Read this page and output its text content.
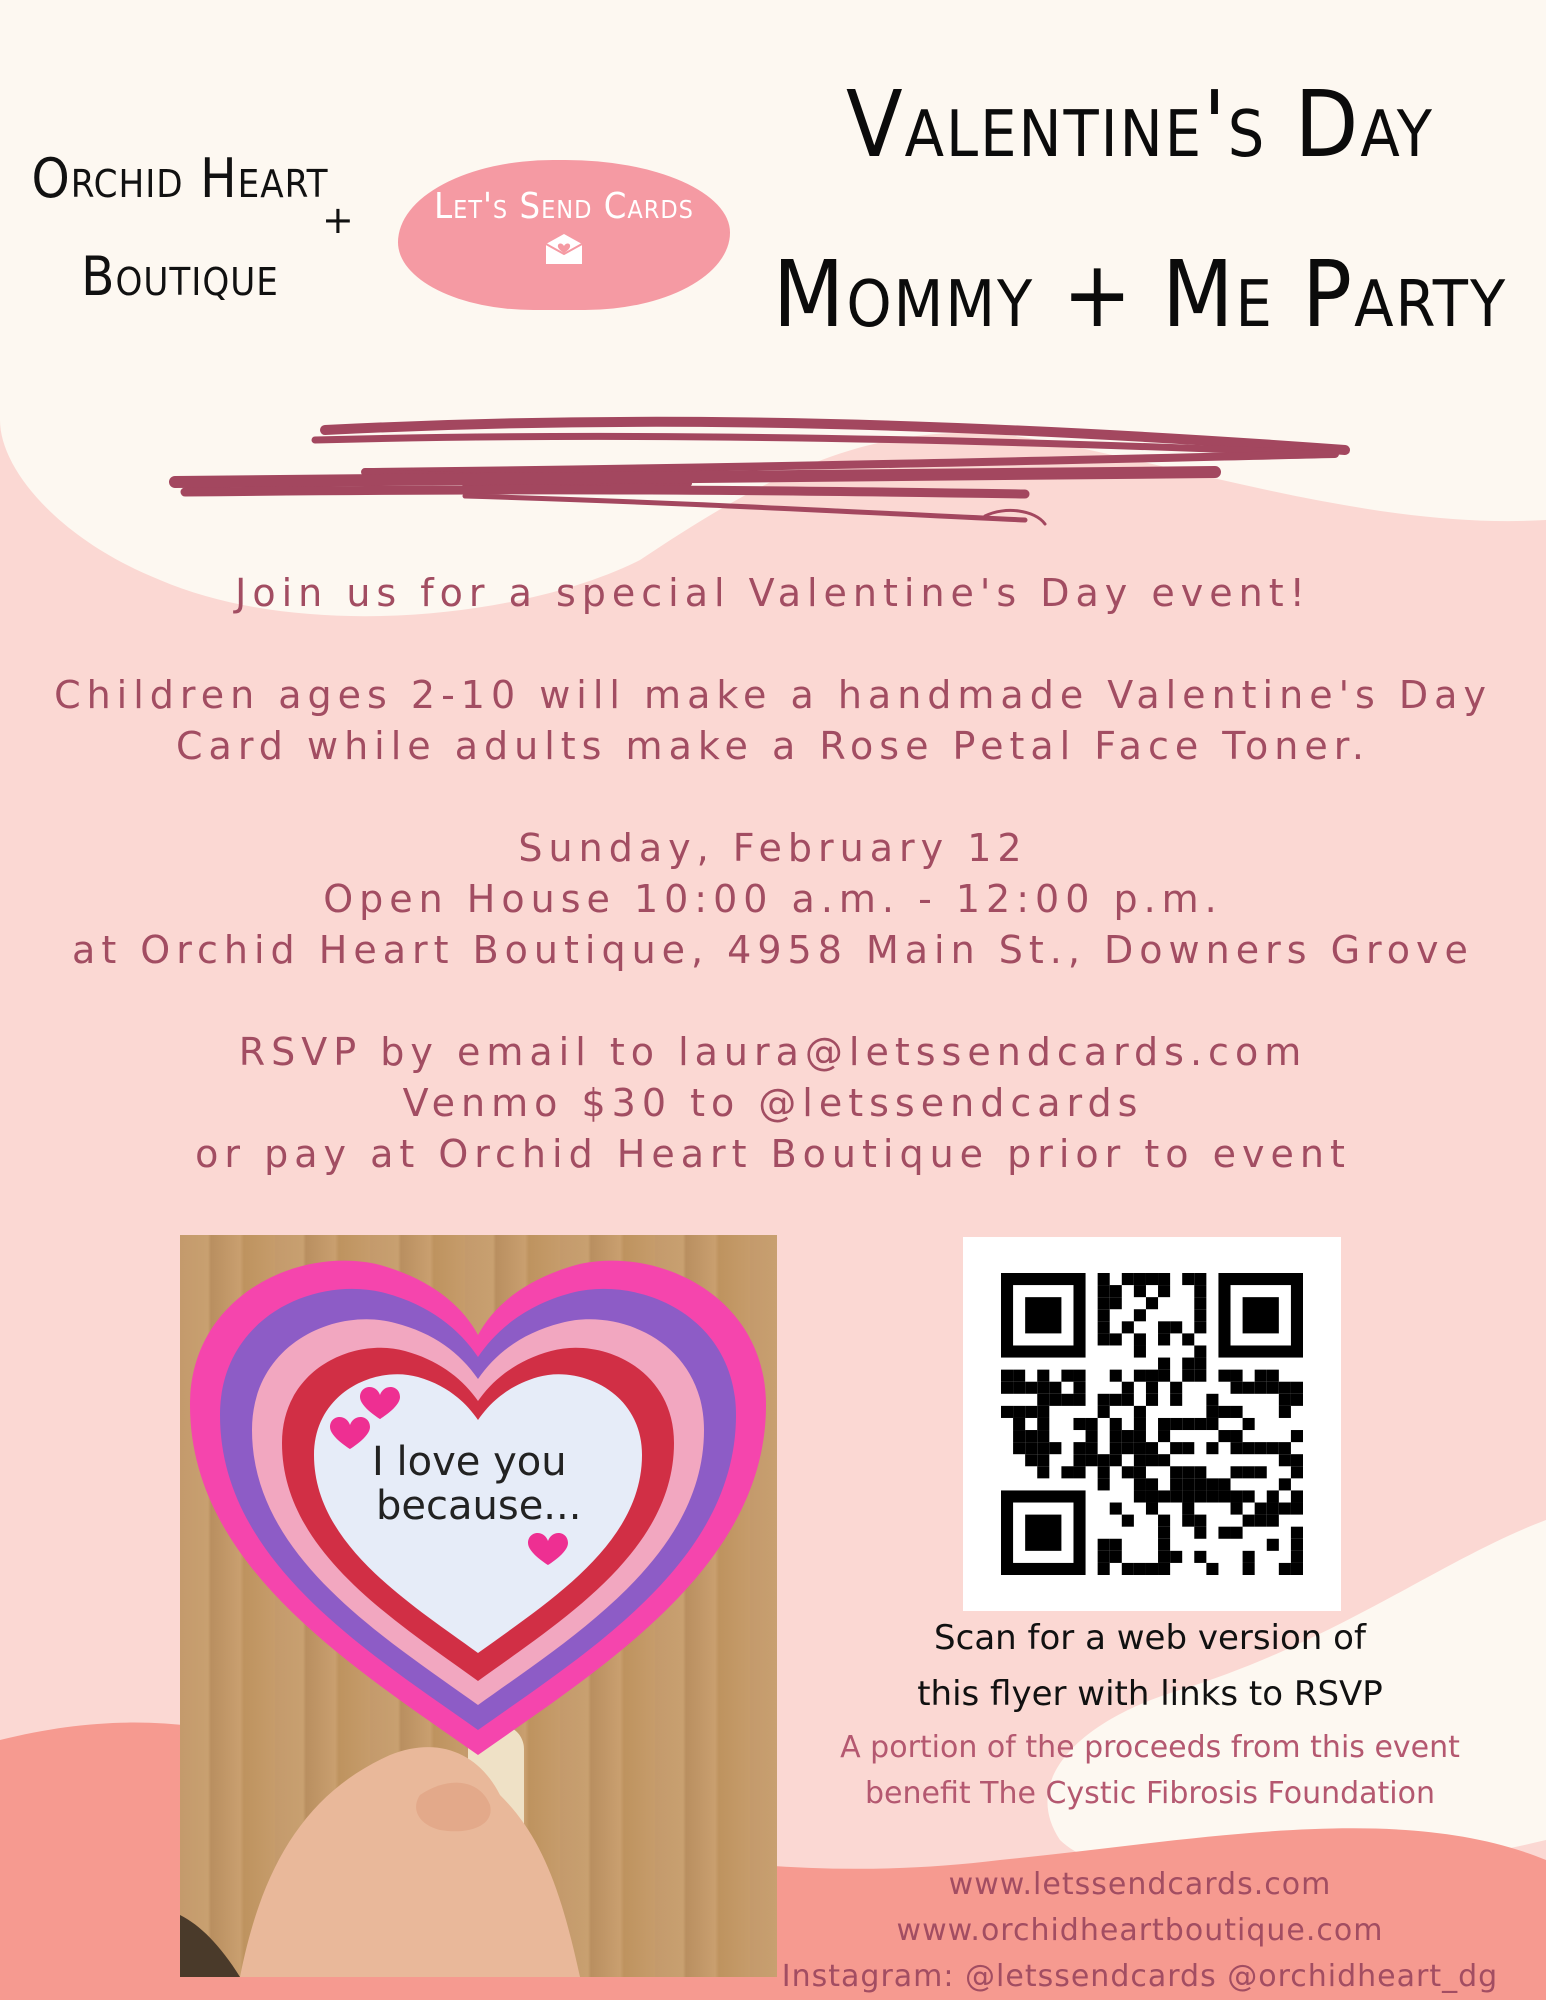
Orchid Heart
Boutique
+	Let's Send Cards
Valentine's Day
Mommy + Me Party

Join us for a special Valentine's Day event!

Children ages 2-10 will make a handmade Valentine's Day

Card while adults make a Rose Petal Face Toner.

Sunday, February 12

Open House 10:00 a.m. - 12:00 p.m.

at Orchid Heart Boutique, 4958 Main St., Downers Grove

RSVP by email to laura@letssendcards.com

Venmo $30 to @letssendcards

or pay at Orchid Heart Boutique prior to event

I love you
because...

Scan for a web version of

this flyer with links to RSVP

A portion of the proceeds from this event

benefit The Cystic Fibrosis Foundation

www.letssendcards.com

www.orchidheartboutique.com

Instagram: @letssendcards @orchidheart_dg
